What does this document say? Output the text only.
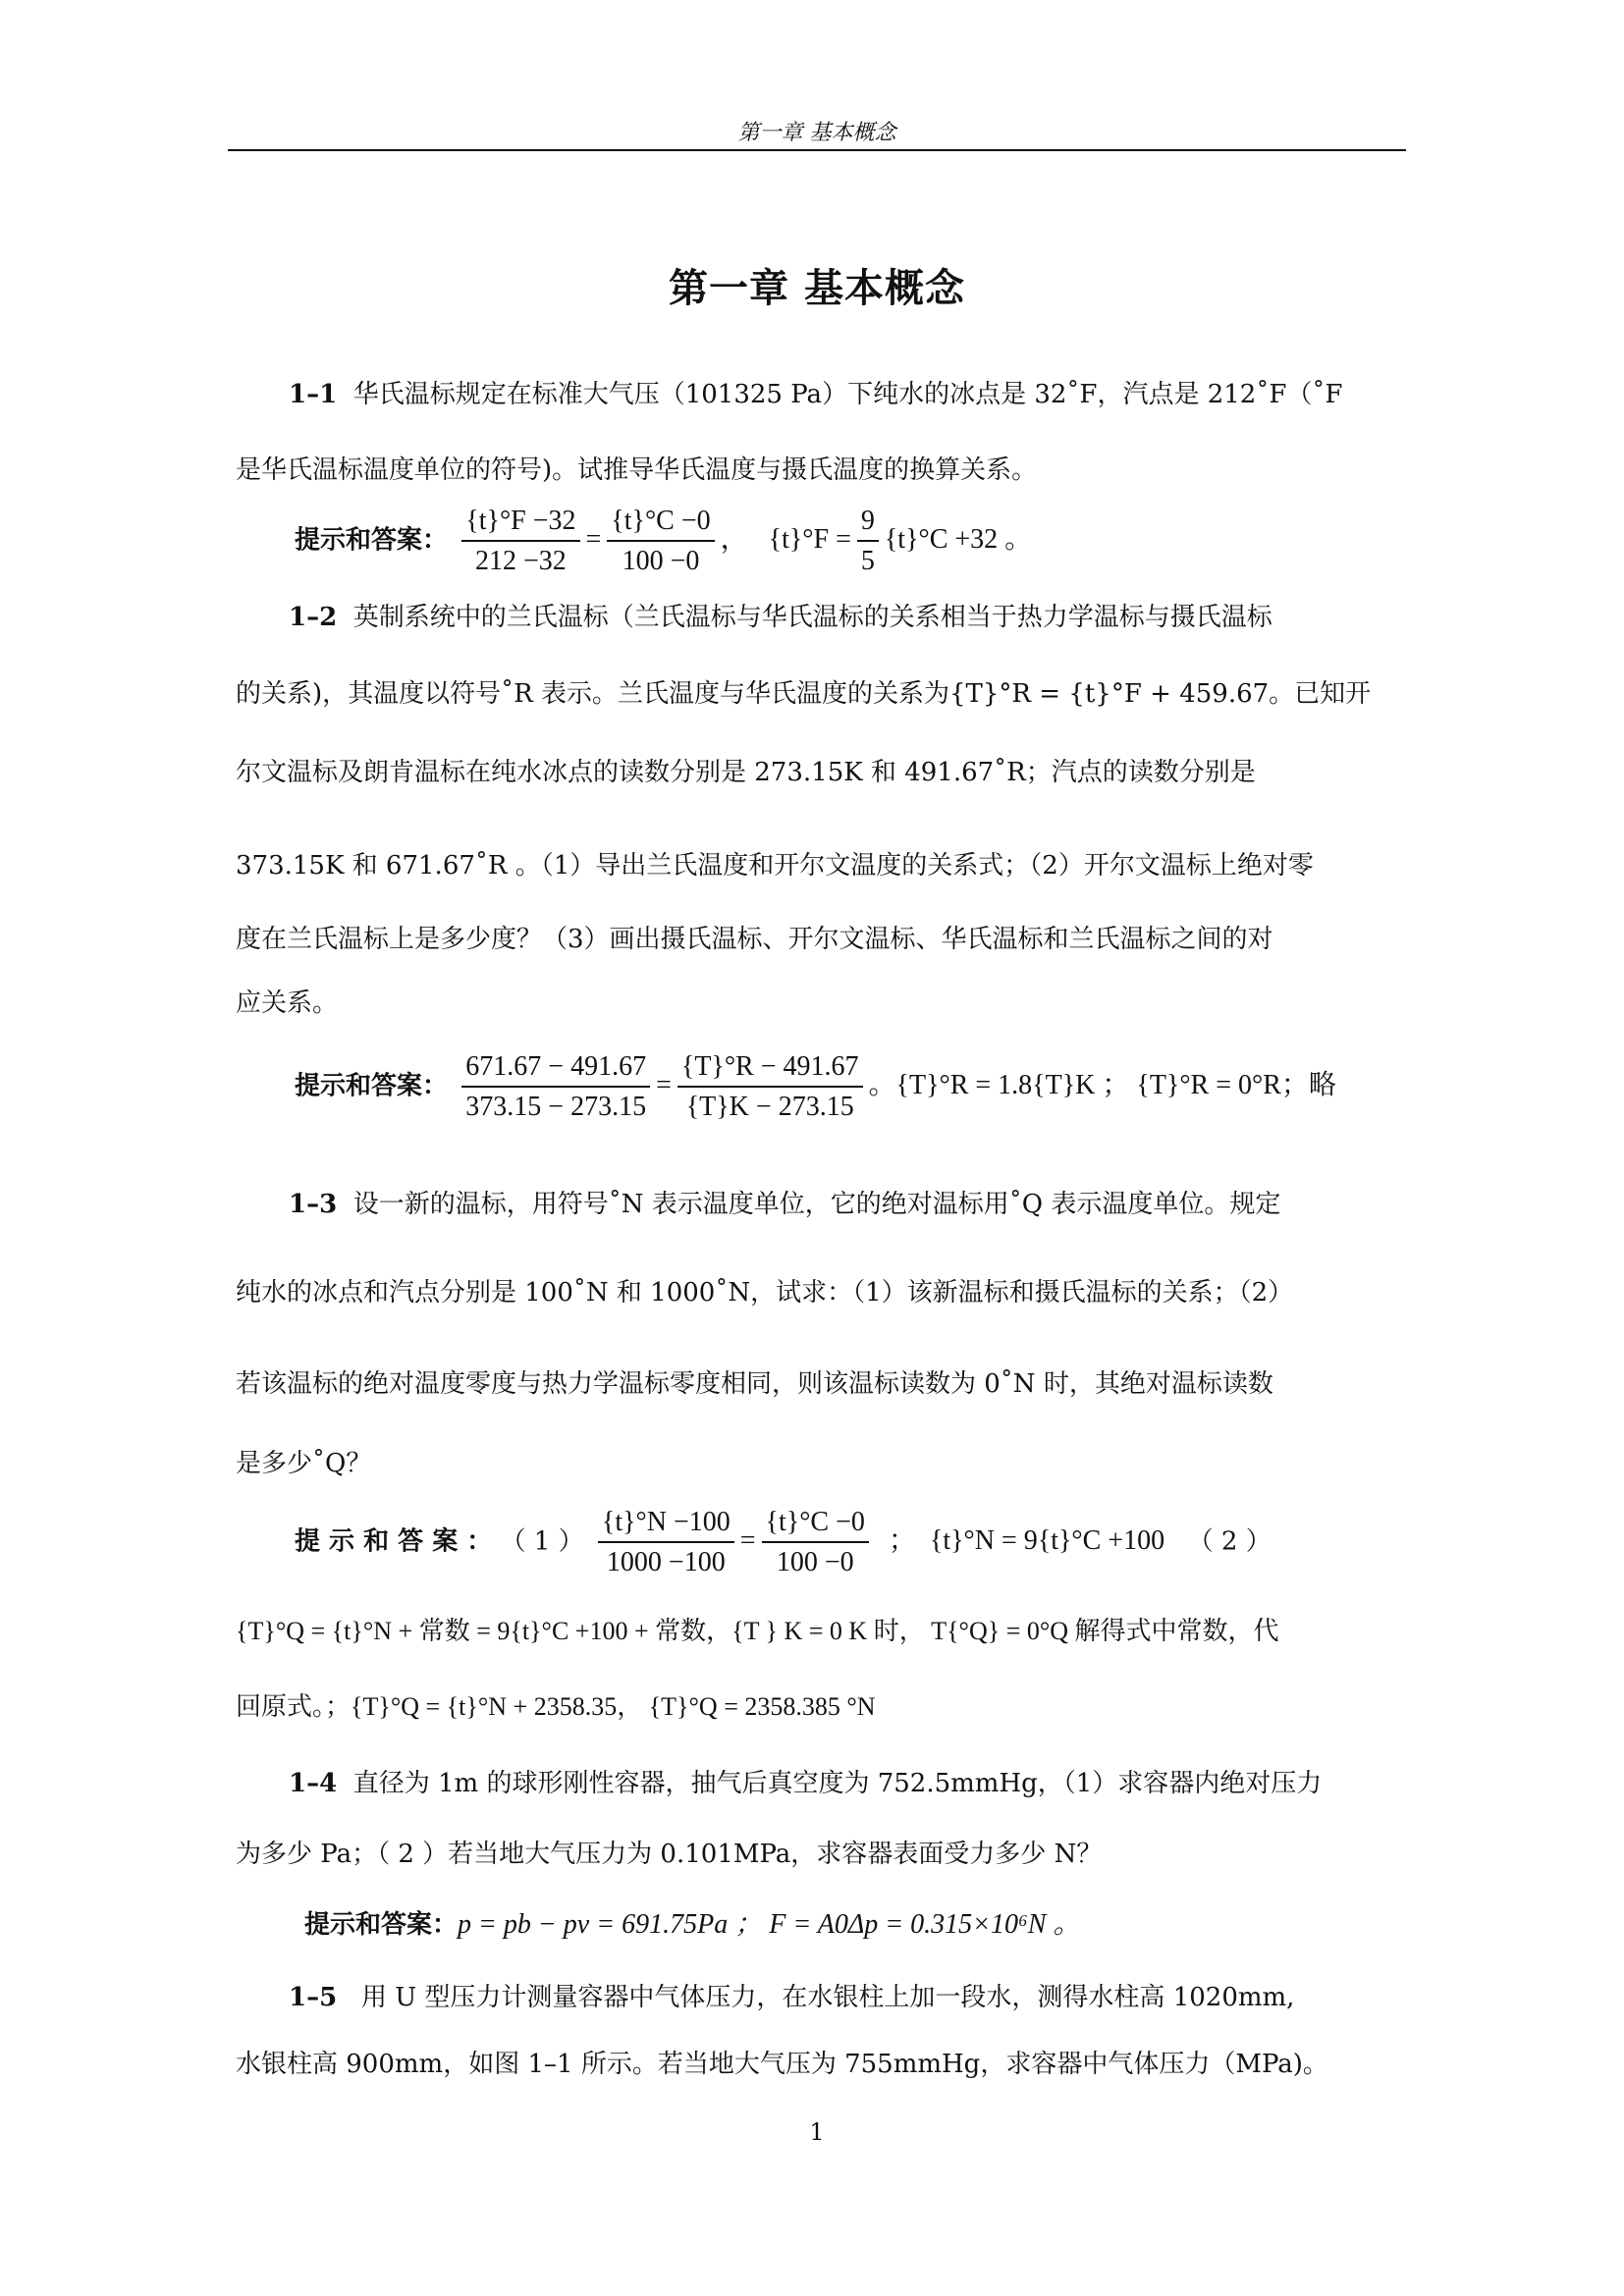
第一章 基本概念
第一章 基本概念
1–1 华氏温标规定在标准大气压（101325 Pa）下纯水的冰点是 32˚F，汽点是 212˚F（˚F
是华氏温标温度单位的符号)。试推导华氏温度与摄氏温度的换算关系。
提示和答案： $\frac{\{t\}^\circ F -32}{212 -32} = \frac{\{t\}^\circ C -0}{100 -0}$ ， $\{t\}^\circ F = \frac{9}{5} \{t\}^\circ C +32$ 。
1–2 英制系统中的兰氏温标（兰氏温标与华氏温标的关系相当于热力学温标与摄氏温标
的关系)，其温度以符号˚R 表示。兰氏温度与华氏温度的关系为{T}°R = {t}°F + 459.67。已知开
尔文温标及朗肯温标在纯水冰点的读数分别是 273.15K 和 491.67˚R；汽点的读数分别是
373.15K 和 671.67˚R 。（1）导出兰氏温度和开尔文温度的关系式；（2）开尔文温标上绝对零
度在兰氏温标上是多少度？（3）画出摄氏温标、开尔文温标、华氏温标和兰氏温标之间的对
应关系。
提示和答案： $\frac{671.67 - 491.67}{373.15 - 273.15} = \frac{\{T\}^\circ R - 491.67}{\{T\}K - 273.15}$ 。{T}°R = 1.8{T}K ； {T}°R = 0°R；略
1–3 设一新的温标，用符号˚N 表示温度单位，它的绝对温标用˚Q 表示温度单位。规定
纯水的冰点和汽点分别是 100˚N 和 1000˚N，试求：（1）该新温标和摄氏温标的关系；（2）
若该温标的绝对温度零度与热力学温标零度相同，则该温标读数为 0˚N 时，其绝对温标读数
是多少˚Q？
提 示 和 答 案 ： （ 1 ） $\frac{\{t\}^\circ N -100}{1000 -100} = \frac{\{t\}^\circ C -0}{100 -0}$ ； {t}°N = 9{t}°C +100 （ 2 ）
{T}°Q = {t}°N + 常数 = 9{t}°C +100 + 常数，{T } K = 0 K 时， T{°Q} = 0°Q 解得式中常数，代
回原式。；{T}°Q = {t}°N + 2358.35， {T}°Q = 2358.385 °N
1–4 直径为 1m 的球形刚性容器，抽气后真空度为 752.5mmHg，（1）求容器内绝对压力
为多少 Pa；（ 2 ）若当地大气压力为 0.101MPa，求容器表面受力多少 N？
提示和答案：p = pb − pv = 691.75Pa ； F = A0Δp = 0.315×10⁶N 。
1–5 用 U 型压力计测量容器中气体压力，在水银柱上加一段水，测得水柱高 1020mm,
水银柱高 900mm，如图 1–1 所示。若当地大气压为 755mmHg，求容器中气体压力（MPa)。
1
